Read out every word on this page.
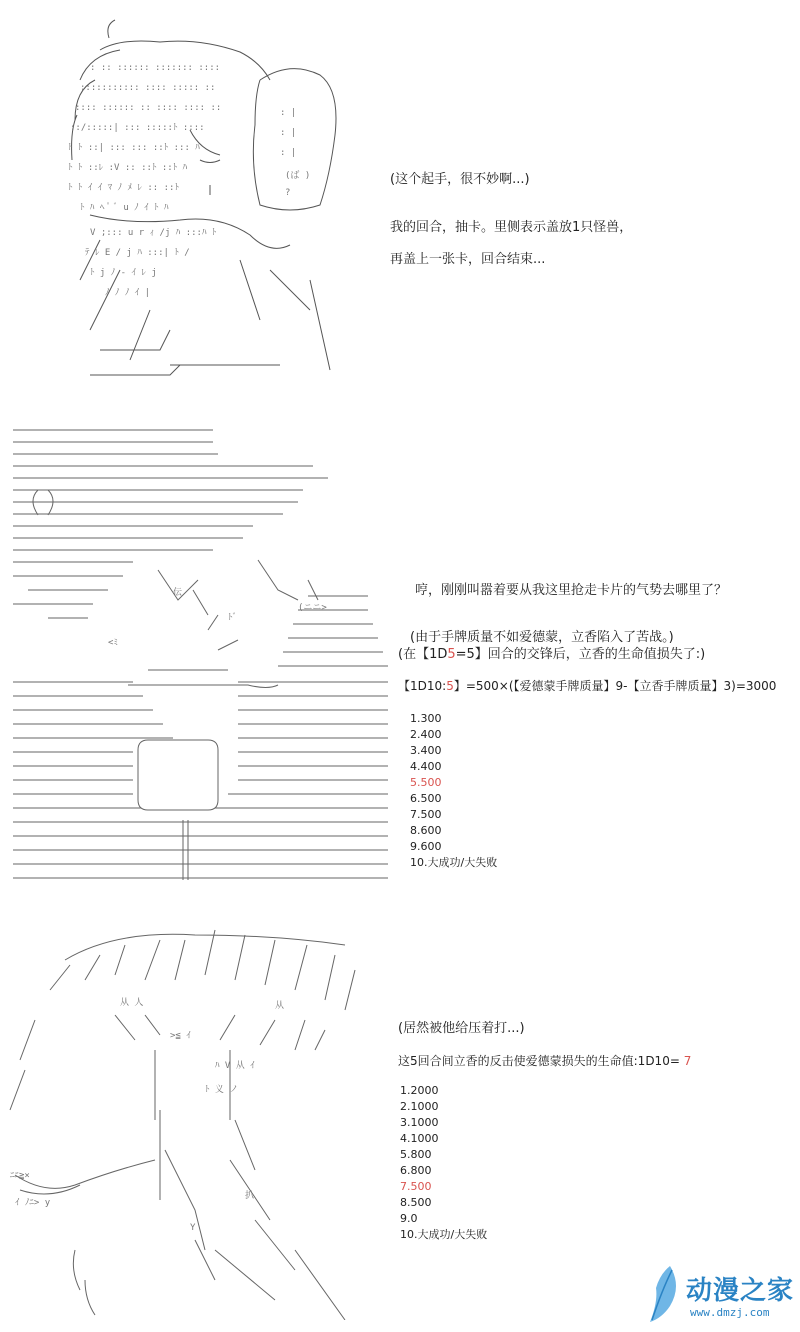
: :: :::::: ::::::: ::::
::::::::::: :::: ::::: ::
:::: :::::: :: :::: :::: ::
::/:::::| ::: :::::ﾄ ::::
ﾄ ﾄ ::| ::: ::: ::ﾄ ::: ﾊ
ﾄ ﾄ ::ﾚ :V :: ::ﾄ ::ﾄ ﾊ
ﾄ ﾄ ｲ ｲ ﾏ ﾉ ﾒ ﾚ :: ::ﾄ
ﾄ ﾊ ﾍ ﾟ ﾞ u ﾉ ｲ ﾄ ﾊ
V ;::: u r ｨ /j ﾊ :::ﾊ ﾄ
ﾃ ﾚ E / j ﾊ :::| ﾄ /
ﾄ j ﾉ - ｲ ﾚ j
ﾉ ﾉ ﾉ ｲ |
: |
: |
: |
(ば )
?
(这个起手，很不妙啊...)
我的回合，抽卡。里侧表示盖放1只怪兽，
再盖上一张卡，回合结束...
伝
ﾄﾞ
(ニニ>
<ﾐ
哼，刚刚叫嚣着要从我这里抢走卡片的气势去哪里了？
(由于手牌质量不如爱德蒙，立香陷入了苦战。)
(在【1D5=5】回合的交锋后，立香的生命值损失了:)
【1D10:5】=500×(【爱德蒙手牌质量】9-【立香手牌质量】3)=3000
1.300
2.400
3.400
4.400
5.500
6.500
7.500
8.600
9.600
10.大成功/大失败
从 人	从
>≦ ｲ
ﾊ V 从 ｲ
ﾄ 义 ノ
ﾆﾆ≧×
ｲ ﾉﾆ> y
Y
扒
(居然被他给压着打...)
这5回合间立香的反击使爱德蒙损失的生命值:1D10= 7
1.2000
2.1000
3.1000
4.1000
5.800
6.800
7.500
8.500
9.0
10.大成功/大失败
动漫之家
www.dmzj.com
